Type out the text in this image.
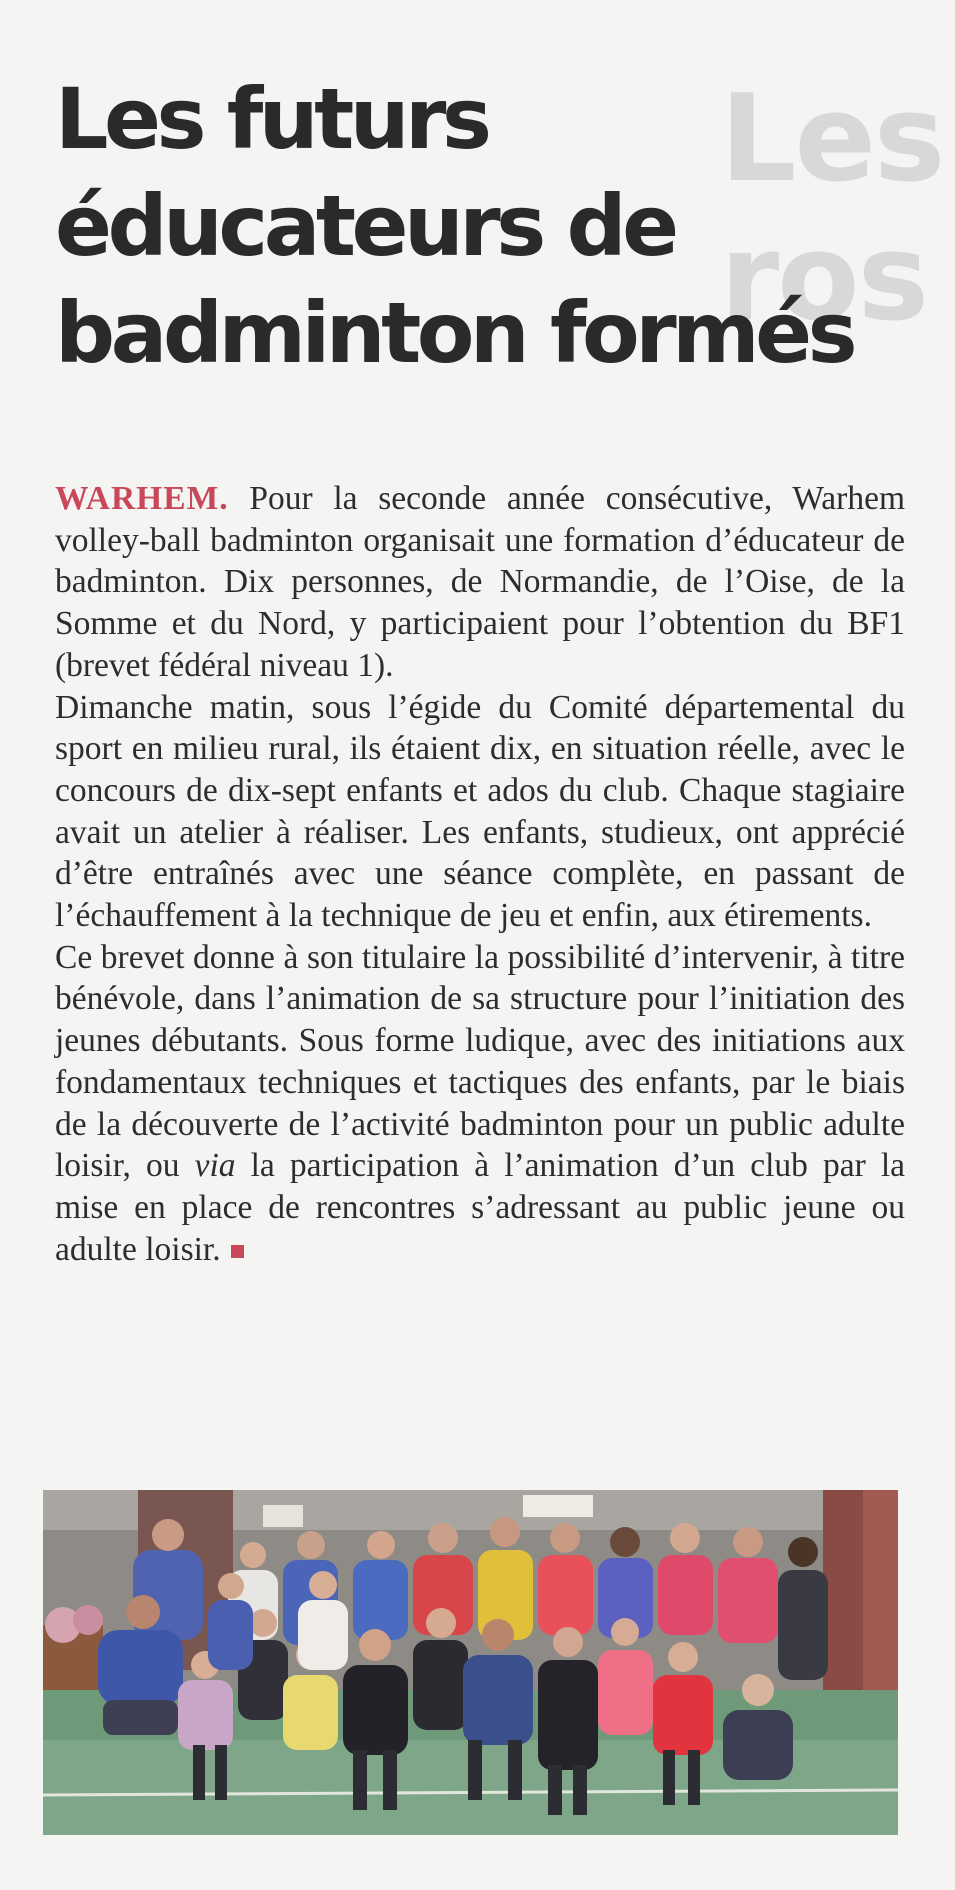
Les ros
Les futurs
éducateurs de
badminton formés

WARHEM. Pour la seconde année consécutive, Warhem volley-ball badminton organisait une formation d’éducateur de badminton. Dix personnes, de Normandie, de l’Oise, de la Somme et du Nord, y participaient pour l’obtention du BF1 (brevet fédéral niveau 1).

Dimanche matin, sous l’égide du Comité départemental du sport en milieu rural, ils étaient dix, en situation réelle, avec le concours de dix-sept enfants et ados du club. Chaque stagiaire avait un atelier à réaliser. Les enfants, studieux, ont apprécié d’être entraînés avec une séance complète, en passant de l’échauffement à la technique de jeu et enfin, aux étirements.

Ce brevet donne à son titulaire la possibilité d’intervenir, à titre bénévole, dans l’animation de sa structure pour l’initiation des jeunes débutants. Sous forme ludique, avec des initiations aux fondamentaux techniques et tactiques des enfants, par le biais de la découverte de l’activité badminton pour un public adulte loisir, ou via la participation à l’animation d’un club par la mise en place de rencontres s’adressant au public jeune ou adulte loisir.
